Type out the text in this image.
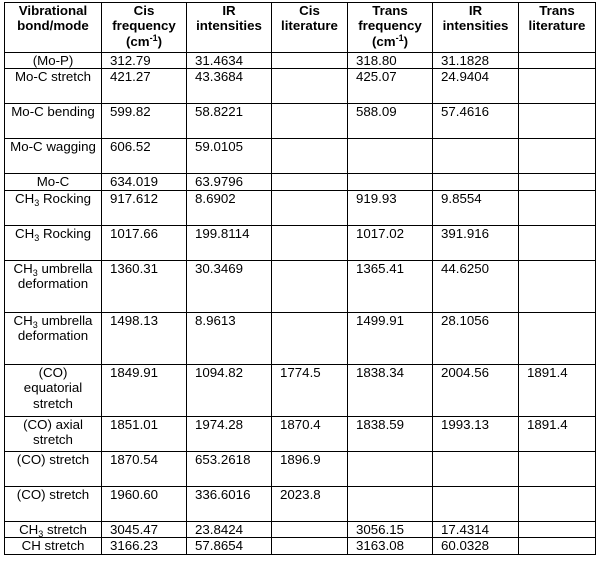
Vibrational bond/mode	Cis frequency $(cm^{-1})$	IR intensities	Cis literature	Trans frequency $(cm^{-1})$	IR intensities	Trans literature
(Mo-P)	312.79	31.4634		318.80	31.1828	
Mo-C stretch	421.27	43.3684		425.07	24.9404	
Mo-C bending	599.82	58.8221		588.09	57.4616	
Mo-C wagging	606.52	59.0105				
Mo-C	634.019	63.9796				
$CH_3$ Rocking	917.612	8.6902		919.93	9.8554	
$CH_3$ Rocking	1017.66	199.8114		1017.02	391.916	
$CH_3$ umbrella deformation	1360.31	30.3469		1365.41	44.6250	
$CH_3$ umbrella deformation	1498.13	8.9613		1499.91	28.1056	
(CO) equatorial stretch	1849.91	1094.82	1774.5	1838.34	2004.56	1891.4
(CO) axial stretch	1851.01	1974.28	1870.4	1838.59	1993.13	1891.4
(CO) stretch	1870.54	653.2618	1896.9			
(CO) stretch	1960.60	336.6016	2023.8			
$CH_3$ stretch	3045.47	23.8424		3056.15	17.4314	
CH stretch	3166.23	57.8654		3163.08	60.0328	
